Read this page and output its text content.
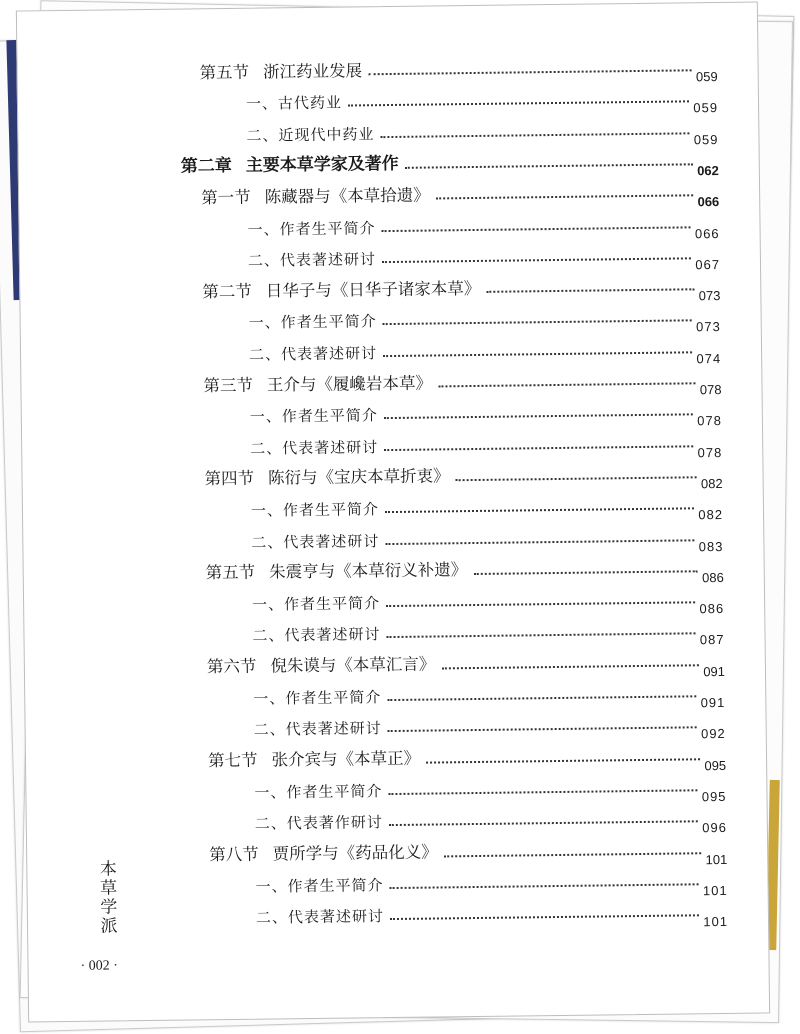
第五节 浙江药业发展	059
一、古代药业	059
二、近现代中药业	059
第二章 主要本草学家及著作	062
第一节 陈藏器与《本草拾遗》	066
一、作者生平简介	066
二、代表著述研讨	067
第二节 日华子与《日华子诸家本草》	073
一、作者生平简介	073
二、代表著述研讨	074
第三节 王介与《履巉岩本草》	078
一、作者生平简介	078
二、代表著述研讨	078
第四节 陈衍与《宝庆本草折衷》	082
一、作者生平简介	082
二、代表著述研讨	083
第五节 朱震亨与《本草衍义补遗》	086
一、作者生平简介	086
二、代表著述研讨	087
第六节 倪朱谟与《本草汇言》	091
一、作者生平简介	091
二、代表著述研讨	092
第七节 张介宾与《本草正》	095
一、作者生平简介	095
二、代表著作研讨	096
第八节 贾所学与《药品化义》	101
一、作者生平简介	101
二、代表著述研讨	101
本草学派
· 002 ·
